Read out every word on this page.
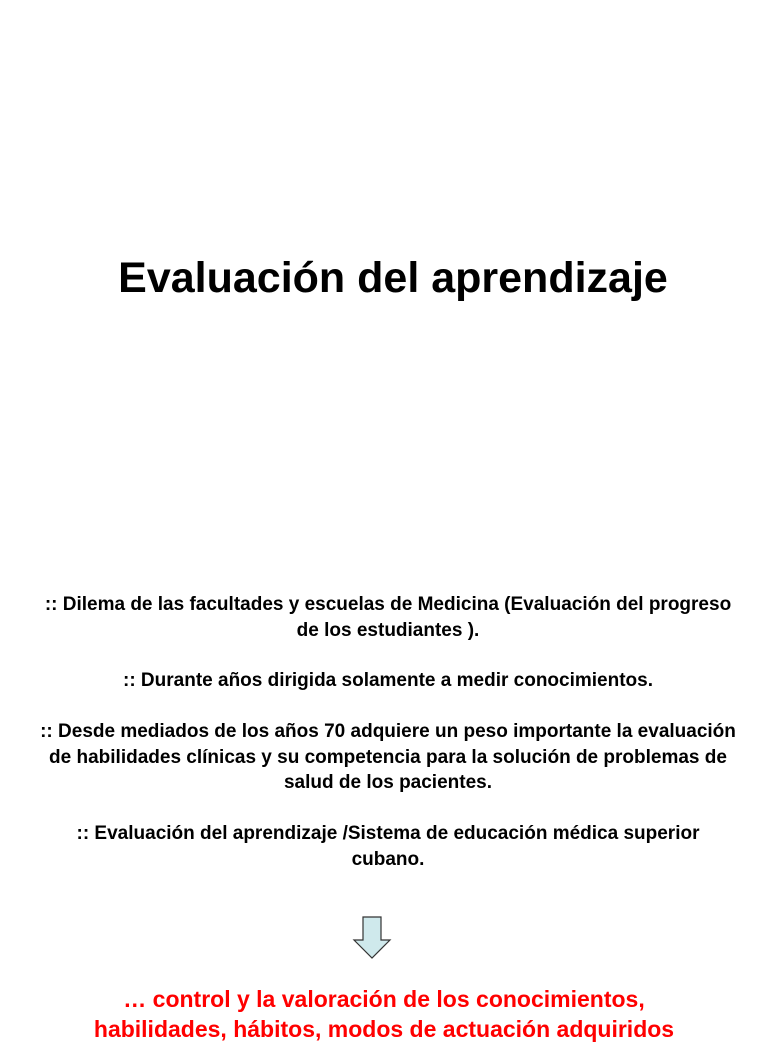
Evaluación del aprendizaje

:: Dilema de las facultades y escuelas de Medicina (Evaluación del progreso de los estudiantes ).

:: Durante años dirigida solamente a medir conocimientos.

:: Desde mediados de los años 70 adquiere un peso importante la evaluación de habilidades clínicas y su competencia para la solución de problemas de salud de los pacientes.

:: Evaluación del aprendizaje /Sistema de educación médica superior cubano.

… control y la valoración de los conocimientos,
habilidades, hábitos, modos de actuación adquiridos
